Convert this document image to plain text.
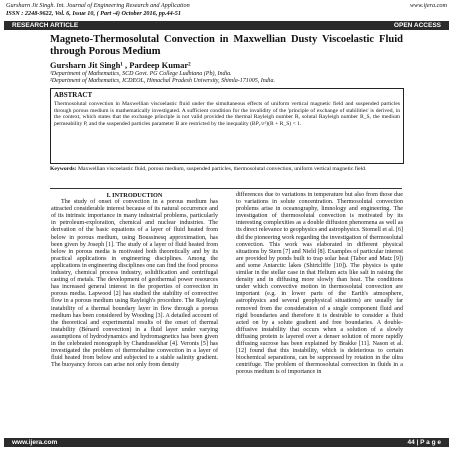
Gursharn Jit Singh. Int. Journal of Engineering Research and Application	www.ijera.com
ISSN : 2248-9622, Vol. 6, Issue 10, ( Part -4) October 2016, pp.44-51
RESEARCH ARTICLE	OPEN ACCESS
Magneto-Thermosolutal Convection in Maxwellian Dusty Viscoelastic Fluid through Porous Medium
Gursharn Jit Singh¹ , Pardeep Kumar²
¹Department of Mathematics, SCD Govt. PG College Ludhiana (Pb), India.
²Department of Mathematics, ICDEOL, Himachal Pradesh University, Shimla-171005, India.
ABSTRACT
Thermosolutal convection in Maxwellian viscoelastic fluid under the simultaneous effects of uniform vertical magnetic field and suspended particles through porous medium is mathematically investigated. A sufficient condition for the invalidity of the 'principle of exchange of stabilities' is derived, in the context, which states that the exchange principle is not valid provided the thermal Rayleigh number R, solutal Rayleigh number R_S, the medium permeability P, and the suspended particles parameter B are restricted by the inequality (BP₁/ε²)(R + R_S) < 1.
Keywords: Maxwellian viscoelastic fluid, porous medium, suspended particles, thermosolutal convection, uniform vertical magnetic field.
I. INTRODUCTION
The study of onset of convection in a porous medium has attracted considerable interest because of its natural occurrence and of its intrinsic importance in many industrial problems, particularly in petroleum-exploration, chemical and nuclear industries. The derivation of the basic equations of a layer of fluid heated from below in porous medium, using Boussinesq approximation, has been given by Joseph [1]. The study of a layer of fluid heated from below in porous media is motivated both theoretically and by its practical applications in engineering disciplines. Among the applications in engineering disciplines one can find the food process industry, chemical process industry, solidification and centrifugal casting of metals. The development of geothermal power resources has increased general interest in the properties of convection in porous media. Lapwood [2] has studied the stability of convective flow in a porous medium using Rayleigh's procedure. The Rayleigh instability of a thermal boundary layer in flow through a porous medium has been considered by Wooding [3]. A detailed account of the theoretical and experimental results of the onset of thermal instability (Bénard convection) in a fluid layer under varying assumptions of hydrodynamics and hydromagnetics has been given in the celebrated monograph by Chandrasekhar [4]. Veronis [5] has investigated the problem of thermohaline convection in a layer of fluid heated from below and subjected to a stable salinity gradient. The buoyancy forces can arise not only from density
differences due to variations in temperature but also from those due to variations in solute concentration. Thermosolutal convection problems arise in oceanography, limnology and engineering. The investigation of thermosolutal convection is motivated by its interesting complexities as a double diffusion phenomena as well as its direct relevance to geophysics and astrophysics. Stomell et al. [6] did the pioneering work regarding the investigation of thermosolutal convection. This work was elaborated in different physical situations by Stern [7] and Nield [8]. Examples of particular interest are provided by ponds built to trap solar heat (Tabor and Matz [9]) and some Antarctic lakes (Shirtcliffe [10]). The physics is quite similar in the stellar case in that Helium acts like salt in raising the density and in diffusing more slowly than heat. The conditions under which convective motion in thermosolutal convection are important (e.g. in lower parts of the Earth's atmosphere, astrophysics and several geophysical situations) are usually far removed from the consideration of a single component fluid and rigid boundaries and therefore it is desirable to consider a fluid acted on by a solute gradient and free boundaries. A double-diffusive instability that occurs when a solution of a slowly diffusing protein is layered over a denser solution of more rapidly diffusing sucrose has been explained by Brakke [11]. Nason et al. [12] found that this instability, which is deleterious to certain biochemical separations, can be suppressed by rotation in the ultra centrifuge. The problem of thermosolutal convection in fluids in a porous medium is of importance in
www.ijera.com	44 | P a g e
